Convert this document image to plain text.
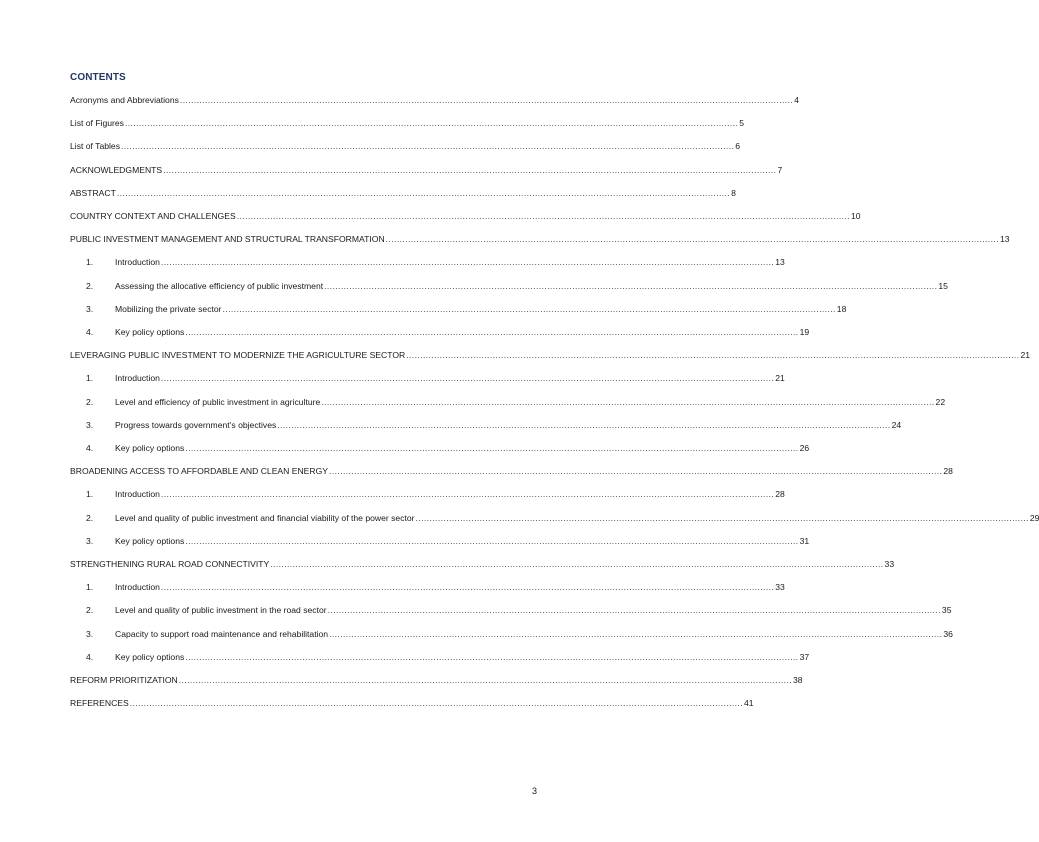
CONTENTS
Acronyms and Abbreviations ............................................................................................................................................................................................................................ 4
List of Figures ............................................................................................................................................................................................................................ 5
List of Tables ............................................................................................................................................................................................................................ 6
ACKNOWLEDGMENTS ............................................................................................................................................................................................................................ 7
ABSTRACT ............................................................................................................................................................................................................................ 8
COUNTRY CONTEXT AND CHALLENGES ............................................................................................................................................................................................................................ 10
PUBLIC INVESTMENT MANAGEMENT AND STRUCTURAL TRANSFORMATION ............................................................................................................................................................................................................................ 13
1.	Introduction ............................................................................................................................................................................................................................ 13
2.	Assessing the allocative efficiency of public investment ............................................................................................................................................................................................................................ 15
3.	Mobilizing the private sector ............................................................................................................................................................................................................................ 18
4.	Key policy options ............................................................................................................................................................................................................................ 19
LEVERAGING PUBLIC INVESTMENT TO MODERNIZE THE AGRICULTURE SECTOR ............................................................................................................................................................................................................................ 21
1.	Introduction ............................................................................................................................................................................................................................ 21
2.	Level and efficiency of public investment in agriculture ............................................................................................................................................................................................................................ 22
3.	Progress towards government’s objectives ............................................................................................................................................................................................................................ 24
4.	Key policy options ............................................................................................................................................................................................................................ 26
BROADENING ACCESS TO AFFORDABLE AND CLEAN ENERGY ............................................................................................................................................................................................................................ 28
1.	Introduction ............................................................................................................................................................................................................................ 28
2.	Level and quality of public investment and financial viability of the power sector ............................................................................................................................................................................................................................ 29
3.	Key policy options ............................................................................................................................................................................................................................ 31
STRENGTHENING RURAL ROAD CONNECTIVITY ............................................................................................................................................................................................................................ 33
1.	Introduction ............................................................................................................................................................................................................................ 33
2.	Level and quality of public investment in the road sector ............................................................................................................................................................................................................................ 35
3.	Capacity to support road maintenance and rehabilitation ............................................................................................................................................................................................................................ 36
4.	Key policy options ............................................................................................................................................................................................................................ 37
REFORM PRIORITIZATION ............................................................................................................................................................................................................................ 38
REFERENCES ............................................................................................................................................................................................................................ 41
3
